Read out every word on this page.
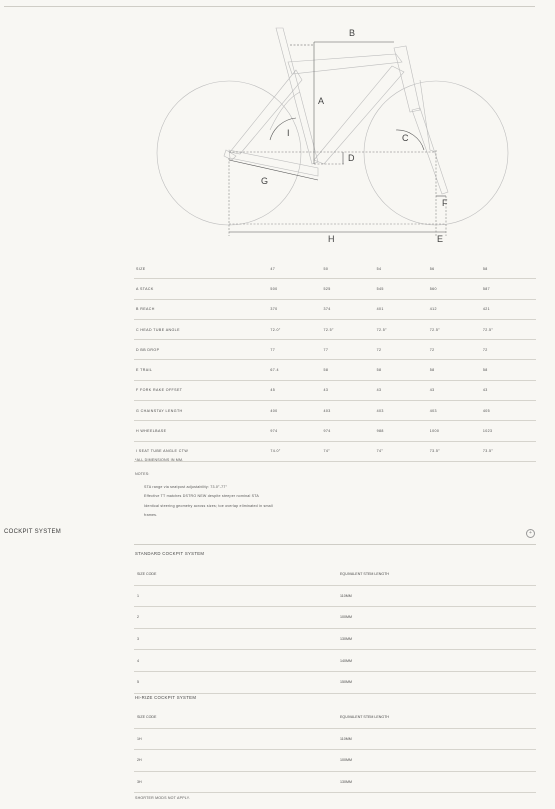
A
B
C
D
E
F
G
H
I
SIZE	47	50	54	56	58
A STACK	500	525	545	560	587
B REACH	370	374	401	412	421
C HEAD TUBE ANGLE	72.0°	72.5°	72.5°	72.5°	72.5°
D BB DROP	77	77	72	72	72
E TRAIL	67.4	58	58	58	58
F FORK RAKE OFFSET	45	43	43	43	43
G CHAINSTAY LENGTH	400	403	403	403	405
H WHEELBASE	974	974	988	1000	1023
I SEAT TUBE ANGLE CTW	74.0°	74°	74°	73.5°	73.5°
*ALL DIMENSIONS IN MM.
NOTES:
STA range via seatpost adjustability: 73.0°-77°
Effective TT matches DSTRO NEW despite steeper nominal STA
Identical steering geometry across sizes; toe overlap eliminated in small
frames.
COCKPIT SYSTEM	+
STANDARD COCKPIT SYSTEM
SIZE CODE	EQUIVALENT STEM LENGTH
1	110MM
2	100MM
3	130MM
4	140MM
5	150MM
HI-RIZE COCKPIT SYSTEM
SIZE CODE	EQUIVALENT STEM LENGTH
1H	110MM
2H	100MM
3H	130MM
SHORTER MODS NOT APPLY.
